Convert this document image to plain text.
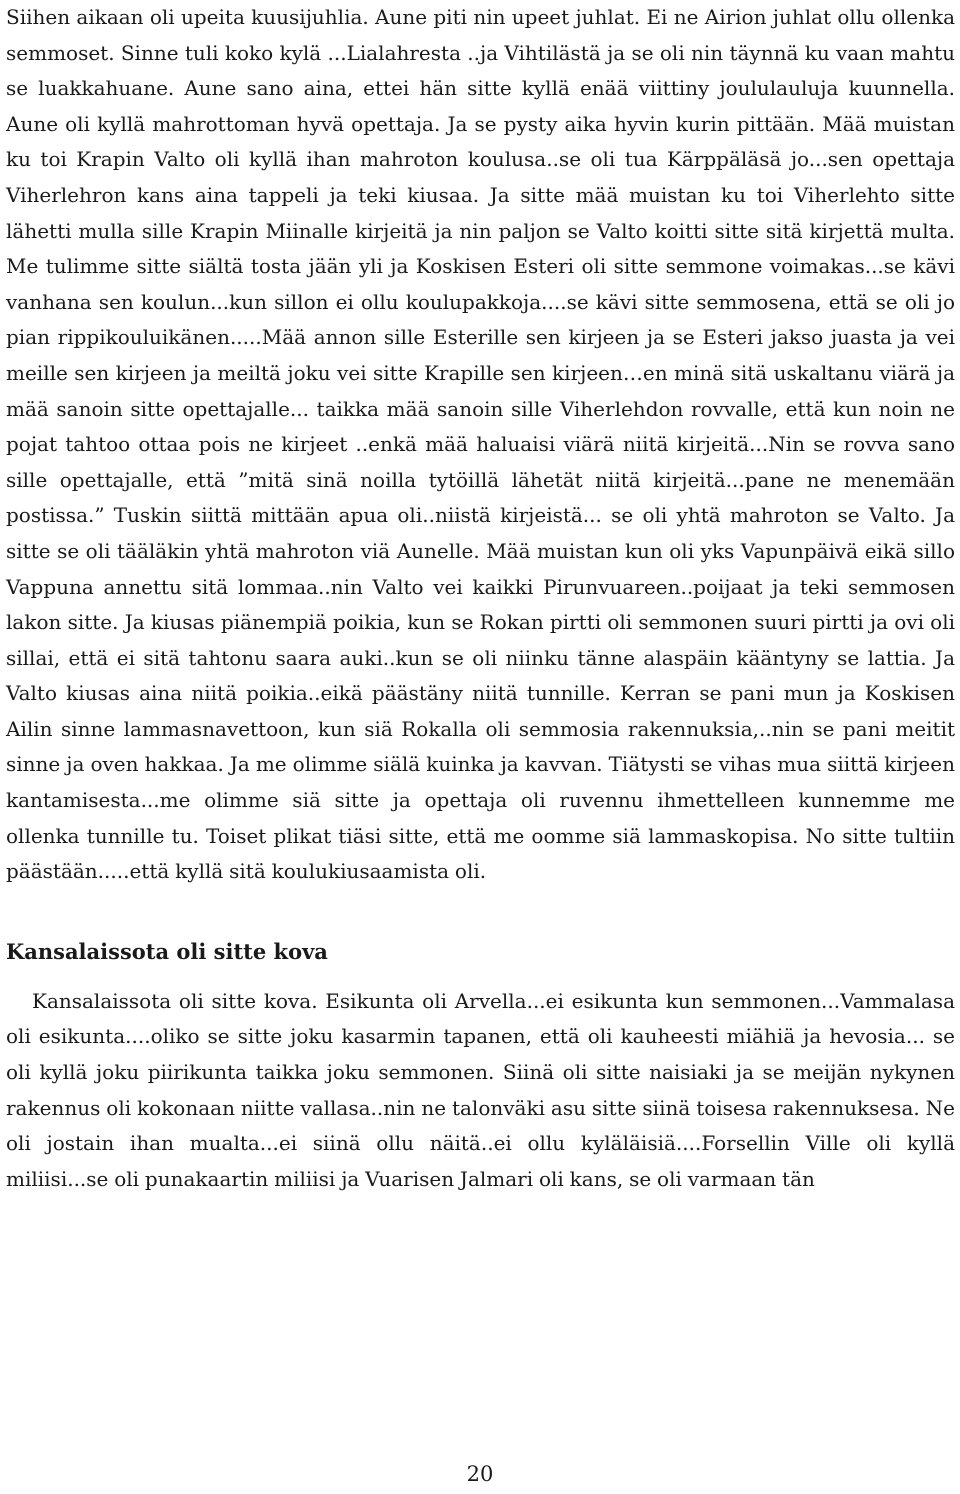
Siihen aikaan oli upeita kuusijuhlia. Aune piti nin upeet juhlat. Ei ne Airion juhlat ollu ollenka semmoset. Sinne tuli koko kylä ...Lialahresta ..ja Vihtilästä ja se oli nin täynnä ku vaan mahtu se luakkahuane. Aune sano aina, ettei hän sitte kyllä enää viittiny joululauluja kuunnella. Aune oli kyllä mahrottoman hyvä opettaja. Ja se pysty aika hyvin kurin pittään. Mää muistan ku toi Krapin Valto oli kyllä ihan mahroton koulusa..se oli tua Kärppäläsä jo...sen opettaja Viherlehron kans aina tappeli ja teki kiusaa. Ja sitte mää muistan ku toi Viherlehto sitte lähetti mulla sille Krapin Miinalle kirjeitä ja nin paljon se Valto koitti sitte sitä kirjettä multa. Me tulimme sitte siältä tosta jään yli ja Koskisen Esteri oli sitte semmone voimakas...se kävi vanhana sen koulun...kun sillon ei ollu koulupakkoja....se kävi sitte semmosena, että se oli jo pian rippikouluikänen.....Mää annon sille Esterille sen kirjeen ja se Esteri jakso juasta ja vei meille sen kirjeen ja meiltä joku vei sitte Krapille sen kirjeen…en minä sitä uskaltanu viärä ja mää sanoin sitte opettajalle... taikka mää sanoin sille Viherlehdon rovvalle, että kun noin ne pojat tahtoo ottaa pois ne kirjeet ..enkä mää haluaisi viärä niitä kirjeitä...Nin se rovva sano sille opettajalle, että ”mitä sinä noilla tytöillä lähetät niitä kirjeitä...pane ne menemään postissa.” Tuskin siittä mittään apua oli..niistä kirjeistä... se oli yhtä mahroton se Valto. Ja sitte se oli tääläkin yhtä mahroton viä Aunelle. Mää muistan kun oli yks Vapunpäivä eikä sillo Vappuna annettu sitä lommaa..nin Valto vei kaikki Pirunvuareen..poijaat ja teki semmosen lakon sitte. Ja kiusas piänempiä poikia, kun se Rokan pirtti oli semmonen suuri pirtti ja ovi oli sillai, että ei sitä tahtonu saara auki..kun se oli niinku tänne alaspäin kääntyny se lattia. Ja Valto kiusas aina niitä poikia..eikä päästäny niitä tunnille. Kerran se pani mun ja Koskisen Ailin sinne lammasnavettoon, kun siä Rokalla oli semmosia rakennuksia,..nin se pani meitit sinne ja oven hakkaa. Ja me olimme siälä kuinka ja kavvan. Tiätysti se vihas mua siittä kirjeen kantamisesta...me olimme siä sitte ja opettaja oli ruvennu ihmettelleen kunnemme me ollenka tunnille tu. Toiset plikat tiäsi sitte, että me oomme siä lammaskopisa. No sitte tultiin päästään.....että kyllä sitä koulukiusaamista oli.

Kansalaissota oli sitte kova

Kansalaissota oli sitte kova. Esikunta oli Arvella...ei esikunta kun semmonen...Vammalasa oli esikunta....oliko se sitte joku kasarmin tapanen, että oli kauheesti miähiä ja hevosia... se oli kyllä joku piirikunta taikka joku semmonen. Siinä oli sitte naisiaki ja se meijän nykynen rakennus oli kokonaan niitte vallasa..nin ne talonväki asu sitte siinä toisesa rakennuksesa. Ne oli jostain ihan mualta...ei siinä ollu näitä..ei ollu kyläläisiä....Forsellin Ville oli kyllä miliisi...se oli punakaartin miliisi ja Vuarisen Jalmari oli kans, se oli varmaan tän

20
